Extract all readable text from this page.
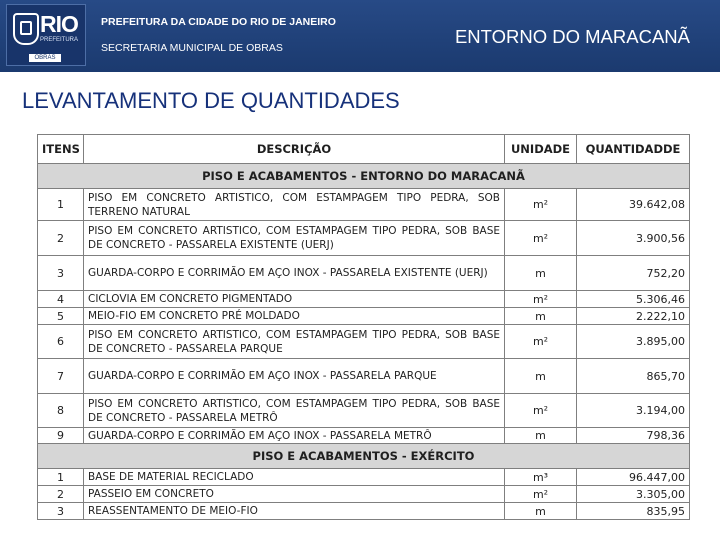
RIO
PREFEITURA
OBRAS
PREFEITURA DA CIDADE DO RIO DE JANEIRO
SECRETARIA MUNICIPAL DE OBRAS
ENTORNO DO MARACANÃ
LEVANTAMENTO DE QUANTIDADES
ITENS	DESCRIÇÃO	UNIDADE	QUANTIDADDE
PISO E ACABAMENTOS - ENTORNO DO MARACANÃ			
1	PISO EM CONCRETO ARTISTICO, COM ESTAMPAGEM TIPO PEDRA, SOB TERRENO NATURAL	m²	39.642,08
2	PISO EM CONCRETO ARTISTICO, COM ESTAMPAGEM TIPO PEDRA, SOB BASE DE CONCRETO - PASSARELA EXISTENTE (UERJ)	m²	3.900,56
3	GUARDA-CORPO E CORRIMÃO EM AÇO INOX - PASSARELA EXISTENTE (UERJ)	m	752,20
4	CICLOVIA EM CONCRETO PIGMENTADO	m²	5.306,46
5	MEIO-FIO EM CONCRETO PRÉ MOLDADO	m	2.222,10
6	PISO EM CONCRETO ARTISTICO, COM ESTAMPAGEM TIPO PEDRA, SOB BASE DE CONCRETO - PASSARELA PARQUE	m²	3.895,00
7	GUARDA-CORPO E CORRIMÃO EM AÇO INOX - PASSARELA PARQUE	m	865,70
8	PISO EM CONCRETO ARTISTICO, COM ESTAMPAGEM TIPO PEDRA, SOB BASE DE CONCRETO - PASSARELA METRÔ	m²	3.194,00
9	GUARDA-CORPO E CORRIMÃO EM AÇO INOX - PASSARELA METRÔ	m	798,36
PISO E ACABAMENTOS - EXÉRCITO			
1	BASE DE MATERIAL RECICLADO	m³	96.447,00
2	PASSEIO EM CONCRETO	m²	3.305,00
3	REASSENTAMENTO DE MEIO-FIO	m	835,95
